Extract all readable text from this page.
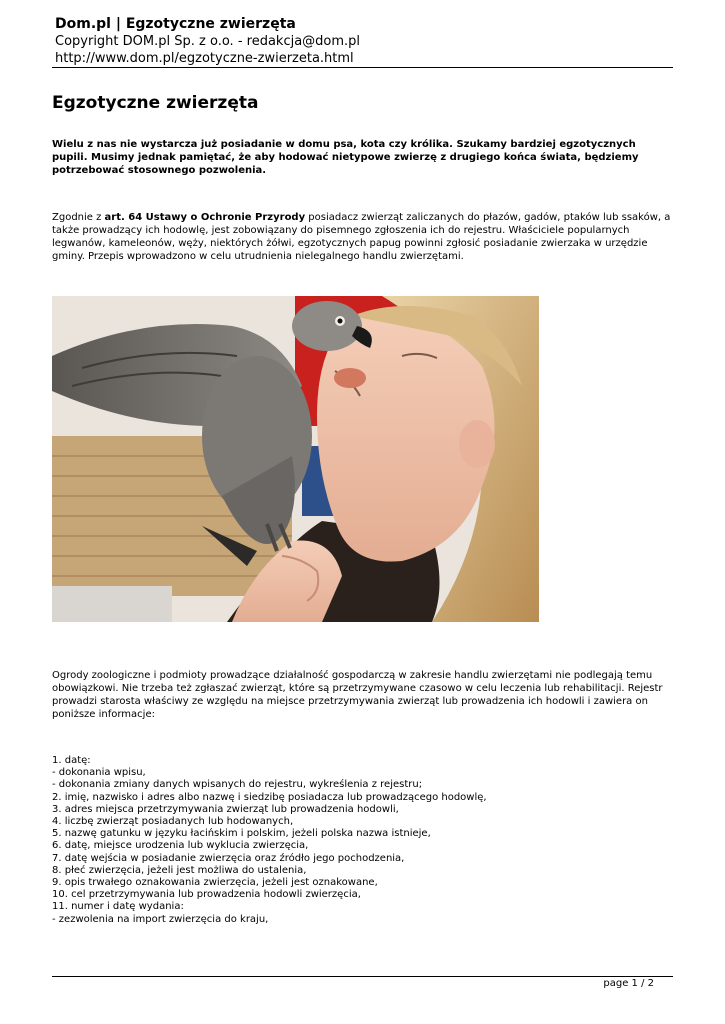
Dom.pl | Egzotyczne zwierzęta
Copyright DOM.pl Sp. z o.o. - redakcja@dom.pl
http://www.dom.pl/egzotyczne-zwierzeta.html
Egzotyczne zwierzęta
Wielu z nas nie wystarcza już posiadanie w domu psa, kota czy królika. Szukamy bardziej egzotycznych pupili. Musimy jednak pamiętać, że aby hodować nietypowe zwierzę z drugiego końca świata, będziemy potrzebować stosownego pozwolenia.
Zgodnie z art. 64 Ustawy o Ochronie Przyrody posiadacz zwierząt zaliczanych do płazów, gadów, ptaków lub ssaków, a także prowadzący ich hodowlę, jest zobowiązany do pisemnego zgłoszenia ich do rejestru. Właściciele popularnych legwanów, kameleonów, węży, niektórych żółwi, egzotycznych papug powinni zgłosić posiadanie zwierzaka w urzędzie gminy. Przepis wprowadzono w celu utrudnienia nielegalnego handlu zwierzętami.
Ogrody zoologiczne i podmioty prowadzące działalność gospodarczą w zakresie handlu zwierzętami nie podlegają temu obowiązkowi. Nie trzeba też zgłaszać zwierząt, które są przetrzymywane czasowo w celu leczenia lub rehabilitacji. Rejestr prowadzi starosta właściwy ze względu na miejsce przetrzymywania zwierząt lub prowadzenia ich hodowli i zawiera on poniższe informacje:
1. datę:
- dokonania wpisu,
- dokonania zmiany danych wpisanych do rejestru, wykreślenia z rejestru;
2. imię, nazwisko i adres albo nazwę i siedzibę posiadacza lub prowadzącego hodowlę,
3. adres miejsca przetrzymywania zwierząt lub prowadzenia hodowli,
4. liczbę zwierząt posiadanych lub hodowanych,
5. nazwę gatunku w języku łacińskim i polskim, jeżeli polska nazwa istnieje,
6. datę, miejsce urodzenia lub wyklucia zwierzęcia,
7. datę wejścia w posiadanie zwierzęcia oraz źródło jego pochodzenia,
8. płeć zwierzęcia, jeżeli jest możliwa do ustalenia,
9. opis trwałego oznakowania zwierzęcia, jeżeli jest oznakowane,
10. cel przetrzymywania lub prowadzenia hodowli zwierzęcia,
11. numer i datę wydania:
- zezwolenia na import zwierzęcia do kraju,
page 1 / 2
